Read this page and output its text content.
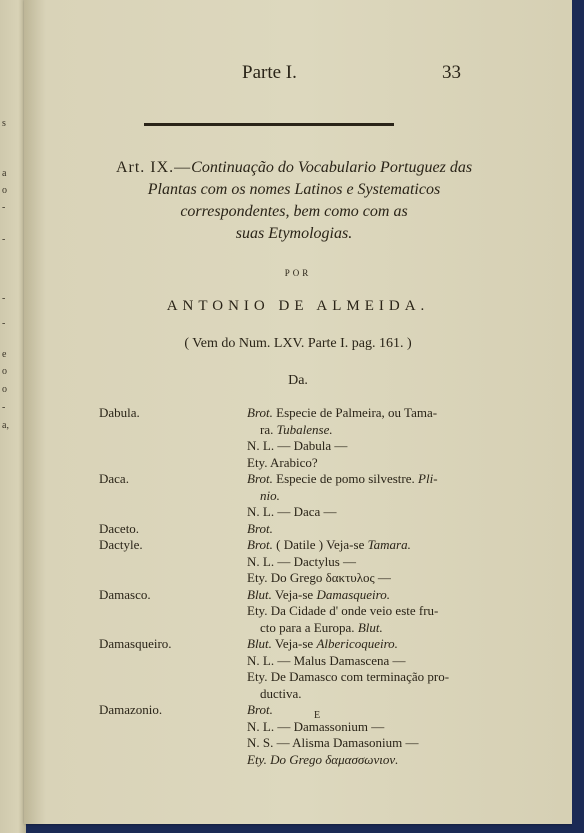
s
a
o
-
-
-
-
e
o
o
-
a,
Parte I.	33
Art. IX.—Continuação do Vocabulario Portuguez das
Plantas com os nomes Latinos e Systematicos
correspondentes, bem como com as
suas Etymologias.
POR
ANTONIO DE ALMEIDA.
( Vem do Num. LXV. Parte I. pag. 161. )
Da.
Dabula.	Brot. Especie de Palmeira, ou Tama-
ra. Tubalense.
N. L. — Dabula —
Ety. Arabico?
Daca.	Brot. Especie de pomo silvestre. Pli-
nio.
N. L. — Daca —
Daceto.	Brot.
Dactyle.	Brot. ( Datile ) Veja-se Tamara.
N. L. — Dactylus —
Ety. Do Grego δακτυλος —
Damasco.	Blut. Veja-se Damasqueiro.
Ety. Da Cidade d' onde veio este fru-
cto para a Europa. Blut.
Damasqueiro.	Blut. Veja-se Albericoqueiro.
N. L. — Malus Damascena —
Ety. De Damasco com terminação pro-
ductiva.
Damazonio.	Brot.
N. L. — Damassonium —
N. S. — Alisma Damasonium —
Ety. Do Grego δαμασσωνιον.
E
